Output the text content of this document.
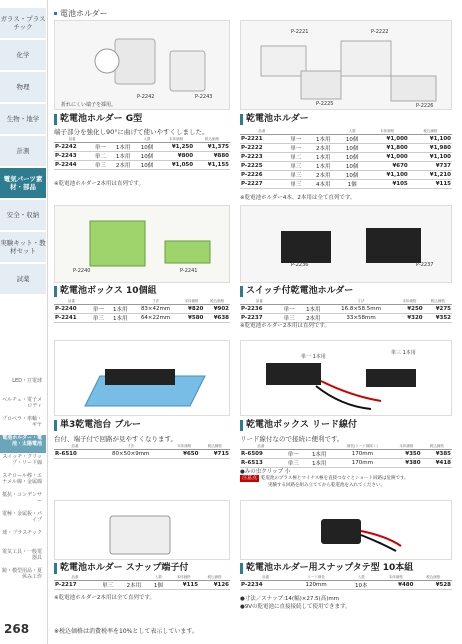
ガラス・プラスチック
化学
物理
生物・地学
計測
電気パーツ素材・部品
安全・収納
実験キット・教材セット
試薬
LED・豆電球
ベルチェ・電子メロディ
プロペラ・車輪・ギヤ
電池ホルダー・電池・太陽電池
スイッチ・クリップ・リード線
スチロール棒・エナメル線・金属線
抵抗・コンデンサー
電極・金属板・パイプ
球・プラスチック
電気工具・一般電器具
鏡・模型用品・夏休み工作
268
電池ホルダー
P-2242	P-2243
折れにくい端子を採用。
乾電池ホルダー G型
端子部分を強化し90°に曲げて使いやすくしました。
品番			入数	本体価格	税込価格
P-2242	単一	1本用	10個	¥1,250	¥1,375
P-2243	単二	1本用	10個	¥800	¥880
P-2244	単三	2本用	10個	¥1,050	¥1,155
※乾電池ホルダー2本用は直列です。
P-2221	P-2222
P-2225	P-2226
乾電池ホルダー
品番			入数	本体価格	税込価格
P-2221	単一	1本用	10個	¥1,000	¥1,100
P-2222	単一	2本用	10個	¥1,800	¥1,980
P-2223	単二	1本用	10個	¥1,000	¥1,100
P-2225	単三	1本用	10個	¥670	¥737
P-2226	単三	2本用	10個	¥1,100	¥1,210
P-2227	単三	4本用	1個	¥105	¥115
※乾電池ホルダー4本、2本用は全て直列です。
P-2240	P-2241
乾電池ボックス 10個組
品番			寸法	本体価格	税込価格
P-2240	単一	1本用	83×42mm	¥820	¥902
P-2241	単三	1本用	64×22mm	¥580	¥638
P-2236	P-2237
スイッチ付乾電池ホルダー
品番			寸法	本体価格	税込価格
P-2236	単一	1本用	16.8×58.5mm	¥250	¥275
P-2237	単三	2本用	33×58mm	¥320	¥352
※乾電池ホルダー2本用は直列です。
単3乾電池台 ブルー
台付、端子付で回路が見やすくなります。
品番	寸法		本体価格	税込価格
R-6510	80×50×9mm		¥650	¥715
単一 1本用
単三 1本用
乾電池ボックス リード線付
リード線付なので接続に便利です。
品番			線長(リード線除く)	本体価格	税込価格
R-6509	単一	1本用	170mm	¥350	¥385
R-6513	単三	1本用	170mm	¥380	¥418
●みの虫クリップ 小
注意点 乾電池のプラス極とマイナス極を直接つなぐとショート回路は危険です。
実験する回路を組み立ててから乾電池を入れてください。
乾電池ホルダー スナップ端子付
品番			入数	本体価格	税込価格
P-2217	単三	2本用	1個	¥115	¥126
※乾電池ホルダー2本用は全て直列です。
乾電池ホルダー用スナップタテ型 10本組
品番	リード線長		入数	本体価格	税込価格
P-2234	120mm		10本	¥480	¥528
●寸法／スナップ:14(幅)×27.5(高)mm
●9Vの乾電池に直接接続して使用できます。
※税込価格は消費税率を10%として表示しています。
